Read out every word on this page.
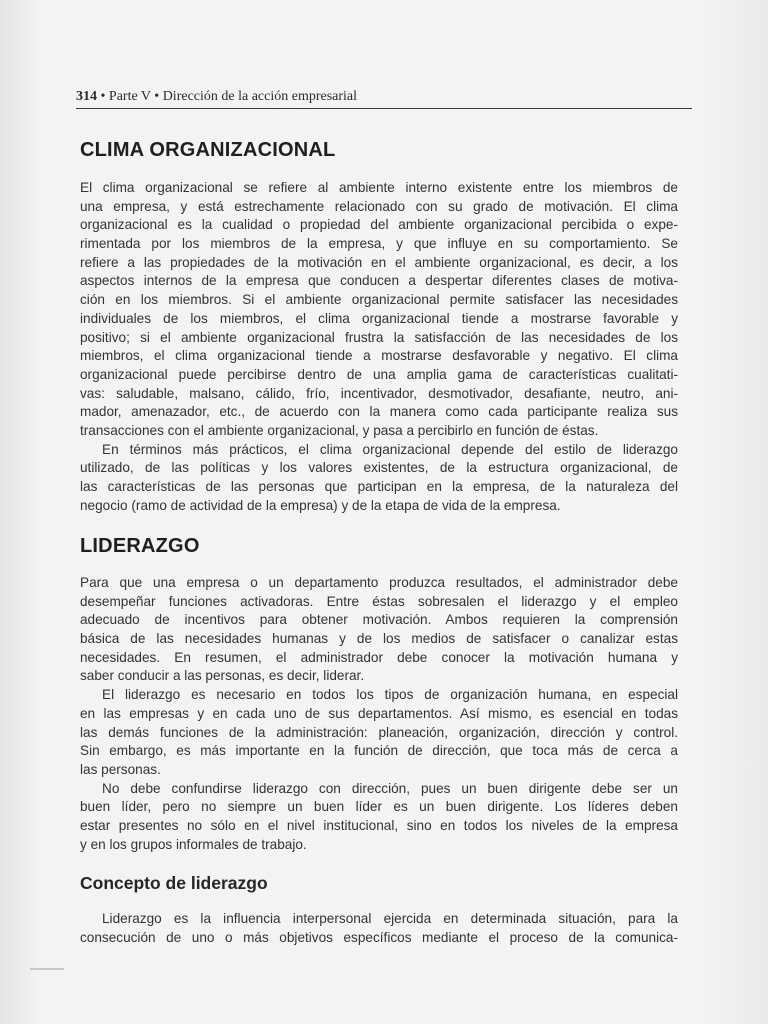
314 • Parte V • Dirección de la acción empresarial
CLIMA ORGANIZACIONAL
El clima organizacional se refiere al ambiente interno existente entre los miembros de
una empresa, y está estrechamente relacionado con su grado de motivación. El clima
organizacional es la cualidad o propiedad del ambiente organizacional percibida o expe-
rimentada por los miembros de la empresa, y que influye en su comportamiento. Se
refiere a las propiedades de la motivación en el ambiente organizacional, es decir, a los
aspectos internos de la empresa que conducen a despertar diferentes clases de motiva-
ción en los miembros. Si el ambiente organizacional permite satisfacer las necesidades
individuales de los miembros, el clima organizacional tiende a mostrarse favorable y
positivo; si el ambiente organizacional frustra la satisfacción de las necesidades de los
miembros, el clima organizacional tiende a mostrarse desfavorable y negativo. El clima
organizacional puede percibirse dentro de una amplia gama de características cualitati-
vas: saludable, malsano, cálido, frío, incentivador, desmotivador, desafiante, neutro, ani-
mador, amenazador, etc., de acuerdo con la manera como cada participante realiza sus
transacciones con el ambiente organizacional, y pasa a percibirlo en función de éstas.
En términos más prácticos, el clima organizacional depende del estilo de liderazgo
utilizado, de las políticas y los valores existentes, de la estructura organizacional, de
las características de las personas que participan en la empresa, de la naturaleza del
negocio (ramo de actividad de la empresa) y de la etapa de vida de la empresa.
LIDERAZGO
Para que una empresa o un departamento produzca resultados, el administrador debe
desempeñar funciones activadoras. Entre éstas sobresalen el liderazgo y el empleo
adecuado de incentivos para obtener motivación. Ambos requieren la comprensión
básica de las necesidades humanas y de los medios de satisfacer o canalizar estas
necesidades. En resumen, el administrador debe conocer la motivación humana y
saber conducir a las personas, es decir, liderar.
El liderazgo es necesario en todos los tipos de organización humana, en especial
en las empresas y en cada uno de sus departamentos. Así mismo, es esencial en todas
las demás funciones de la administración: planeación, organización, dirección y control.
Sin embargo, es más importante en la función de dirección, que toca más de cerca a
las personas.
No debe confundirse liderazgo con dirección, pues un buen dirigente debe ser un
buen líder, pero no siempre un buen líder es un buen dirigente. Los líderes deben
estar presentes no sólo en el nivel institucional, sino en todos los niveles de la empresa
y en los grupos informales de trabajo.
Concepto de liderazgo
Liderazgo es la influencia interpersonal ejercida en determinada situación, para la
consecución de uno o más objetivos específicos mediante el proceso de la comunica-
